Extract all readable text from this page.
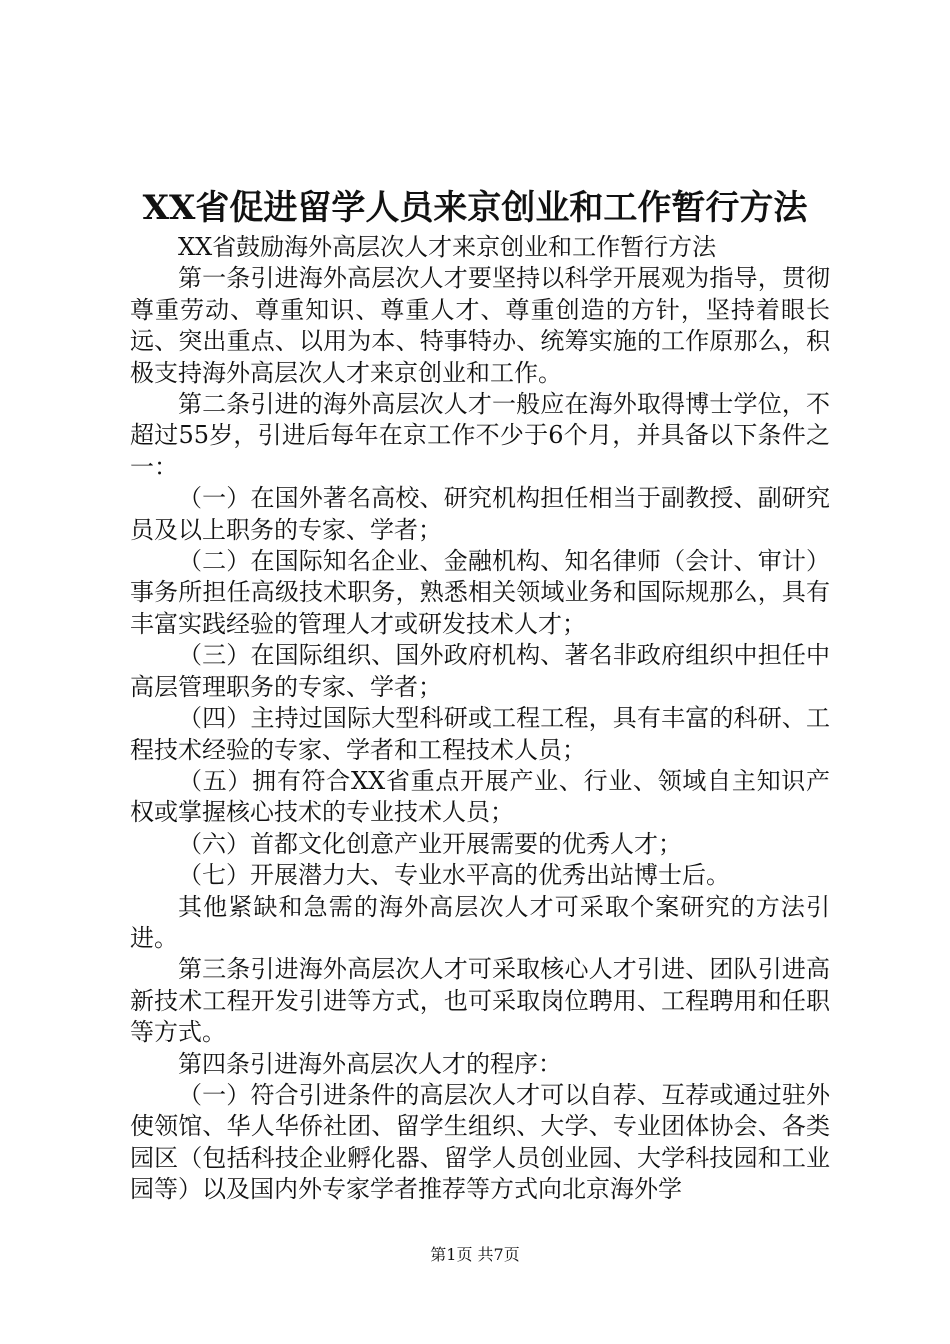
XX省促进留学人员来京创业和工作暂行方法

XX省鼓励海外高层次人才来京创业和工作暂行方法

第一条引进海外高层次人才要坚持以科学开展观为指导，贯彻尊重劳动、尊重知识、尊重人才、尊重创造的方针，坚持着眼长远、突出重点、以用为本、特事特办、统筹实施的工作原那么，积极支持海外高层次人才来京创业和工作。

第二条引进的海外高层次人才一般应在海外取得博士学位，不超过55岁，引进后每年在京工作不少于6个月，并具备以下条件之一：

（一）在国外著名高校、研究机构担任相当于副教授、副研究员及以上职务的专家、学者；

（二）在国际知名企业、金融机构、知名律师（会计、审计）事务所担任高级技术职务，熟悉相关领域业务和国际规那么，具有丰富实践经验的管理人才或研发技术人才；

（三）在国际组织、国外政府机构、著名非政府组织中担任中高层管理职务的专家、学者；

（四）主持过国际大型科研或工程工程，具有丰富的科研、工程技术经验的专家、学者和工程技术人员；

（五）拥有符合XX省重点开展产业、行业、领域自主知识产权或掌握核心技术的专业技术人员；

（六）首都文化创意产业开展需要的优秀人才；

（七）开展潜力大、专业水平高的优秀出站博士后。

其他紧缺和急需的海外高层次人才可采取个案研究的方法引进。

第三条引进海外高层次人才可采取核心人才引进、团队引进高新技术工程开发引进等方式，也可采取岗位聘用、工程聘用和任职等方式。

第四条引进海外高层次人才的程序：

（一）符合引进条件的高层次人才可以自荐、互荐或通过驻外使领馆、华人华侨社团、留学生组织、大学、专业团体协会、各类园区（包括科技企业孵化器、留学人员创业园、大学科技园和工业园等）以及国内外专家学者推荐等方式向北京海外学

第1页 共7页
